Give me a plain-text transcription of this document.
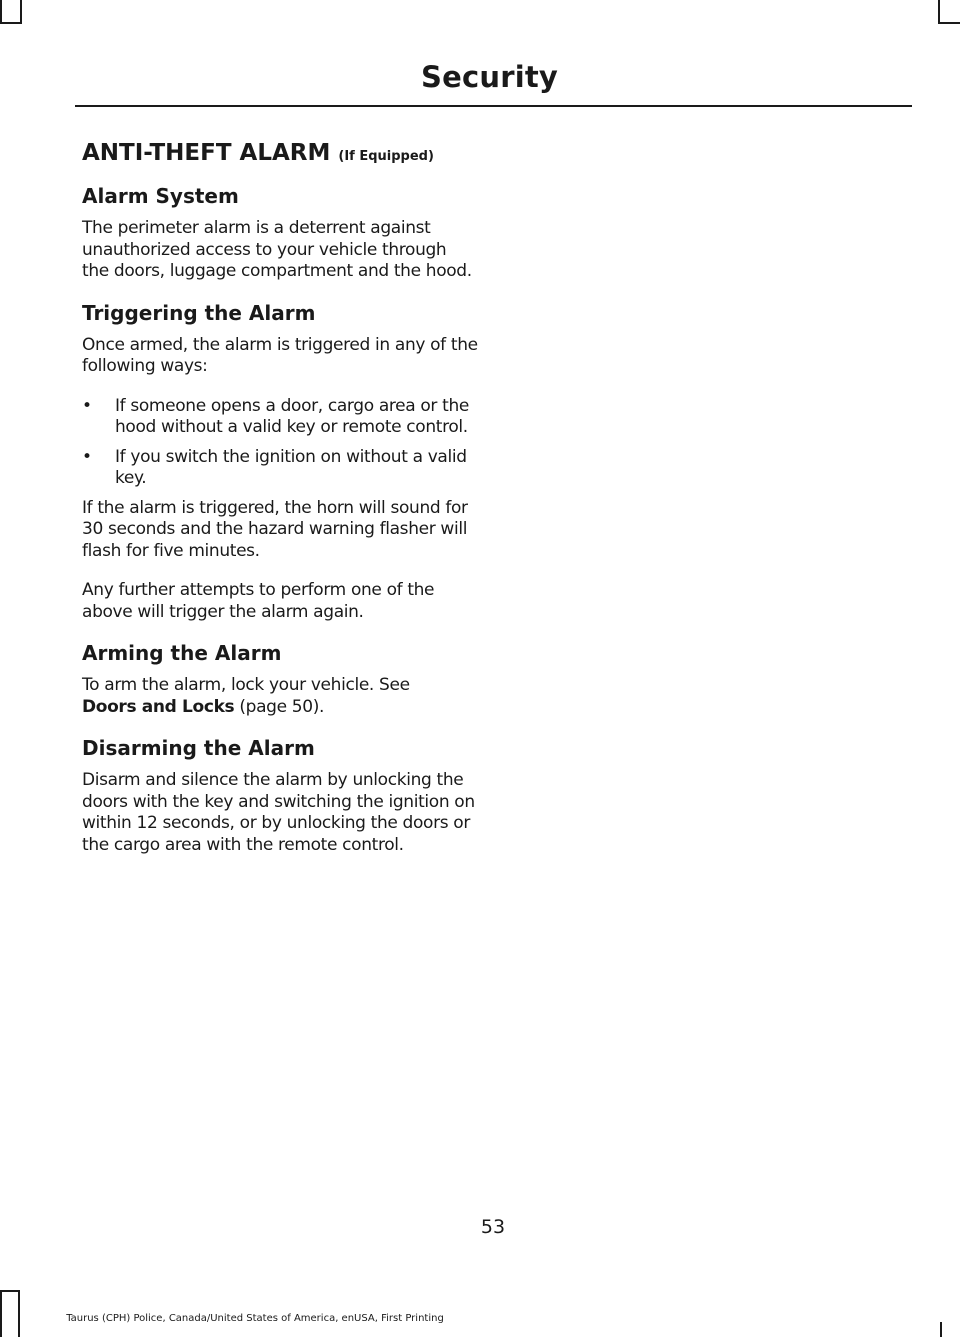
Security
ANTI-THEFT ALARM (If Equipped)
Alarm System

The perimeter alarm is a deterrent against unauthorized access to your vehicle through the doors, luggage compartment and the hood.

Triggering the Alarm

Once armed, the alarm is triggered in any of the following ways:

• If someone opens a door, cargo area or the hood without a valid key or remote control.
• If you switch the ignition on without a valid key.

If the alarm is triggered, the horn will sound for 30 seconds and the hazard warning flasher will flash for five minutes.

Any further attempts to perform one of the above will trigger the alarm again.

Arming the Alarm

To arm the alarm, lock your vehicle. See
Doors and Locks (page 50).

Disarming the Alarm

Disarm and silence the alarm by unlocking the doors with the key and switching the ignition on within 12 seconds, or by unlocking the doors or the cargo area with the remote control.

53
Taurus (CPH) Police, Canada/United States of America, enUSA, First Printing
